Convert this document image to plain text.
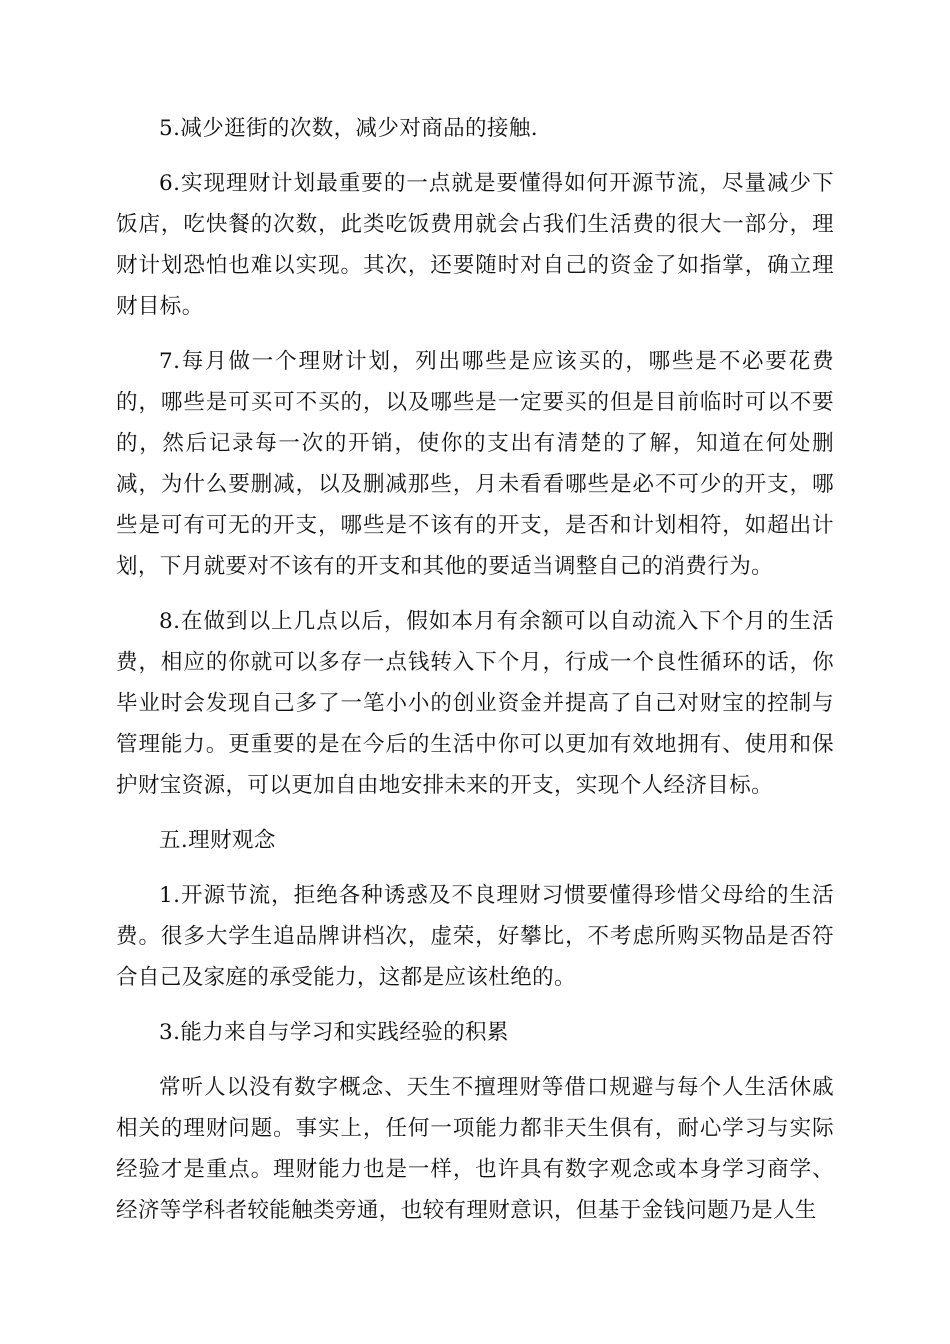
5.减少逛街的次数，减少对商品的接触.

6.实现理财计划最重要的一点就是要懂得如何开源节流，尽量减少下饭店，吃快餐的次数，此类吃饭费用就会占我们生活费的很大一部分，理财计划恐怕也难以实现。其次，还要随时对自己的资金了如指掌，确立理财目标。

7.每月做一个理财计划，列出哪些是应该买的，哪些是不必要花费的，哪些是可买可不买的，以及哪些是一定要买的但是目前临时可以不要的，然后记录每一次的开销，使你的支出有清楚的了解，知道在何处删减，为什么要删减，以及删减那些，月未看看哪些是必不可少的开支，哪些是可有可无的开支，哪些是不该有的开支，是否和计划相符，如超出计划，下月就要对不该有的开支和其他的要适当调整自己的消费行为。

8.在做到以上几点以后，假如本月有余额可以自动流入下个月的生活费，相应的你就可以多存一点钱转入下个月，行成一个良性循环的话，你毕业时会发现自己多了一笔小小的创业资金并提高了自己对财宝的控制与管理能力。更重要的是在今后的生活中你可以更加有效地拥有、使用和保护财宝资源，可以更加自由地安排未来的开支，实现个人经济目标。

五.理财观念

1.开源节流，拒绝各种诱惑及不良理财习惯要懂得珍惜父母给的生活费。很多大学生追品牌讲档次，虚荣，好攀比，不考虑所购买物品是否符合自己及家庭的承受能力，这都是应该杜绝的。

3.能力来自与学习和实践经验的积累

常听人以没有数字概念、天生不擅理财等借口规避与每个人生活休戚相关的理财问题。事实上，任何一项能力都非天生俱有，耐心学习与实际经验才是重点。理财能力也是一样，也许具有数字观念或本身学习商学、经济等学科者较能触类旁通，也较有理财意识，但基于金钱问题乃是人生
